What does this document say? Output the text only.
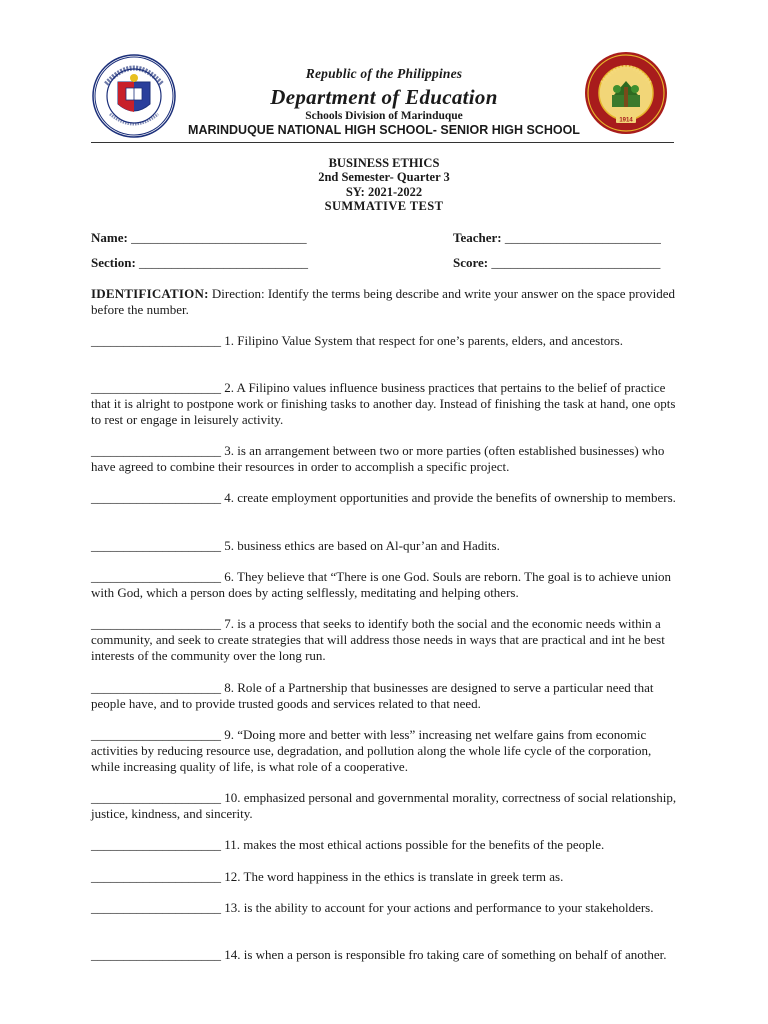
1914
Republic of the Philippines
Department of Education
Schools Division of Marinduque
MARINDUQUE NATIONAL HIGH SCHOOL- SENIOR HIGH SCHOOL
BUSINESS ETHICS
2nd Semester- Quarter 3
SY: 2021-2022
SUMMATIVE TEST
Name: ___________________________	Teacher: ________________________
Section: __________________________	Score: __________________________
IDENTIFICATION: Direction: Identify the terms being describe and write your answer on the space provided before the number.
____________________ 1. Filipino Value System that respect for one’s parents, elders, and ancestors.
____________________ 2. A Filipino values influence business practices that pertains to the belief of practice that it is alright to postpone work or finishing tasks to another day. Instead of finishing the task at hand, one opts to rest or engage in leisurely activity.
____________________ 3. is an arrangement between two or more parties (often established businesses) who have agreed to combine their resources in order to accomplish a specific project.
____________________ 4. create employment opportunities and provide the benefits of ownership to members.
____________________ 5. business ethics are based on Al-qur’an and Hadits.
____________________ 6. They believe that “There is one God. Souls are reborn. The goal is to achieve union with God, which a person does by acting selflessly, meditating and helping others.
____________________ 7. is a process that seeks to identify both the social and the economic needs within a community, and seek to create strategies that will address those needs in ways that are practical and int he best interests of the community over the long run.
____________________ 8. Role of a Partnership that businesses are designed to serve a particular need that people have, and to provide trusted goods and services related to that need.
____________________ 9. “Doing more and better with less” increasing net welfare gains from economic activities by reducing resource use, degradation, and pollution along the whole life cycle of the corporation, while increasing quality of life, is what role of a cooperative.
____________________ 10. emphasized personal and governmental morality, correctness of social relationship, justice, kindness, and sincerity.
____________________ 11. makes the most ethical actions possible for the benefits of the people.
____________________ 12. The word happiness in the ethics is translate in greek term as.
____________________ 13. is the ability to account for your actions and performance to your stakeholders.
____________________ 14. is when a person is responsible fro taking care of something on behalf of another.
